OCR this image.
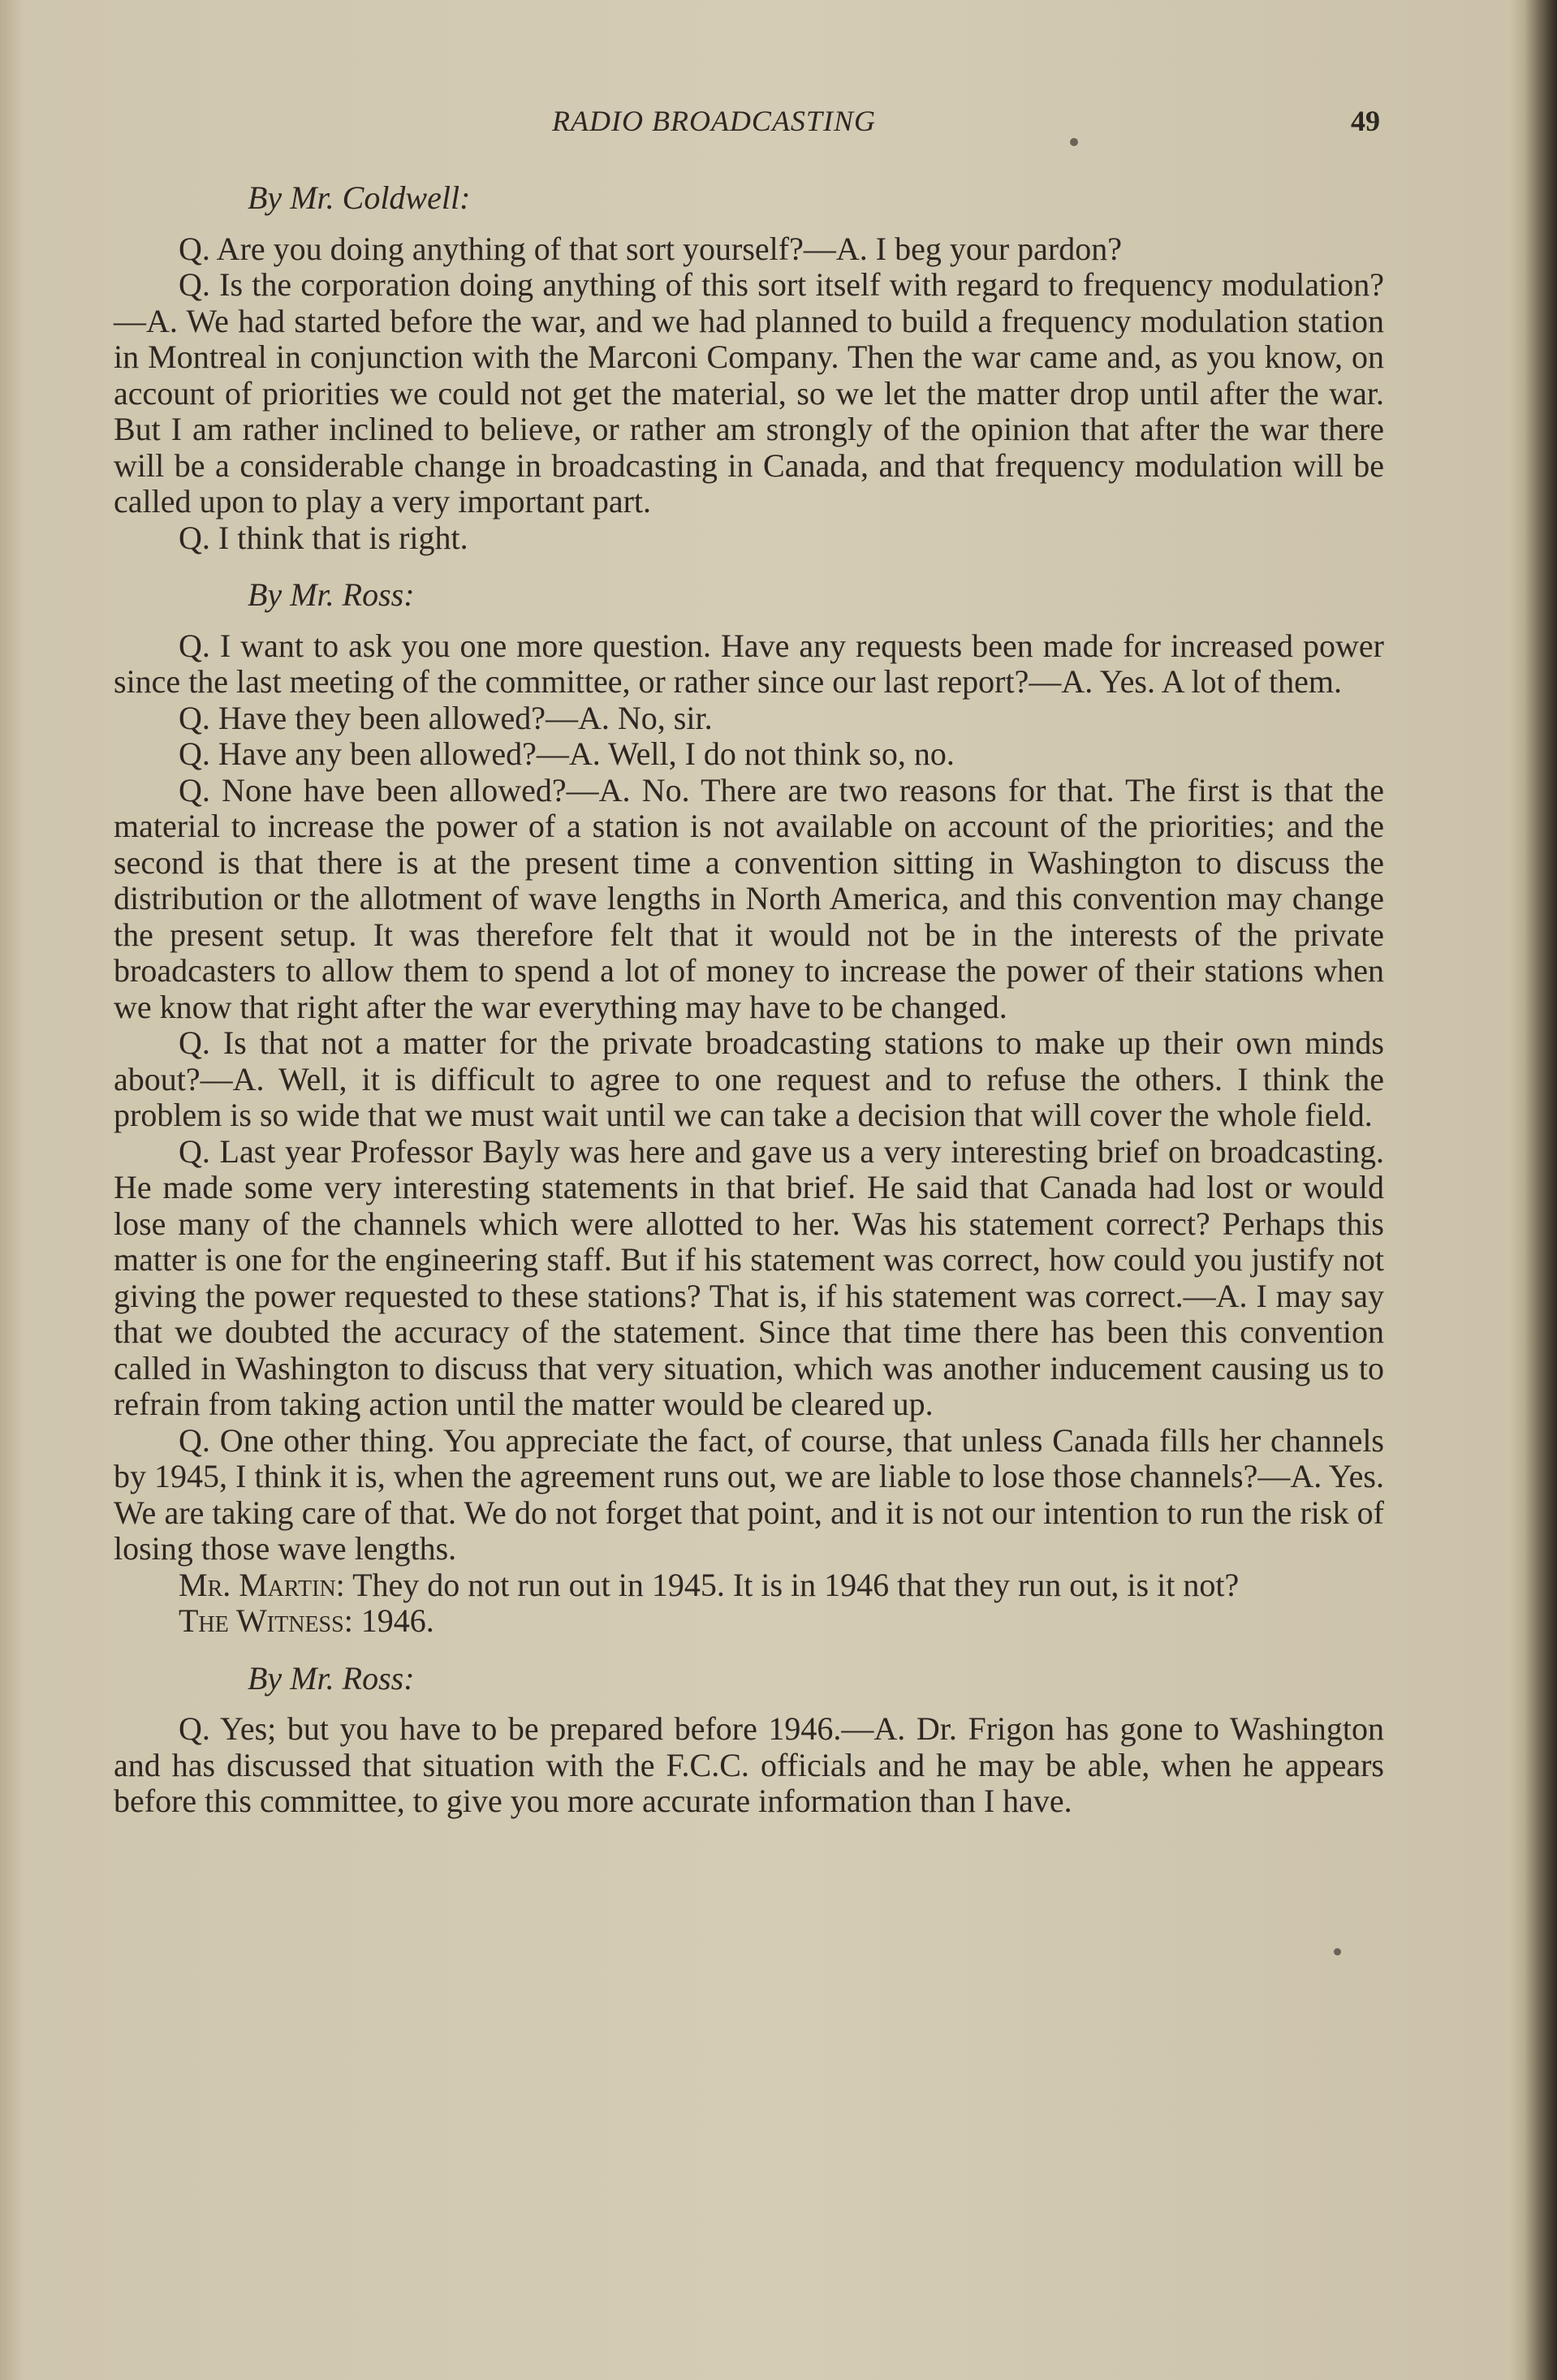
RADIO BROADCASTING	49
By Mr. Coldwell:

Q. Are you doing anything of that sort yourself?—A. I beg your pardon?

Q. Is the corporation doing anything of this sort itself with regard to frequency modulation?—A. We had started before the war, and we had planned to build a frequency modulation station in Montreal in conjunction with the Marconi Company. Then the war came and, as you know, on account of priorities we could not get the material, so we let the matter drop until after the war. But I am rather inclined to believe, or rather am strongly of the opinion that after the war there will be a considerable change in broadcasting in Canada, and that frequency modulation will be called upon to play a very important part.

Q. I think that is right.

By Mr. Ross:

Q. I want to ask you one more question. Have any requests been made for increased power since the last meeting of the committee, or rather since our last report?—A. Yes. A lot of them.

Q. Have they been allowed?—A. No, sir.

Q. Have any been allowed?—A. Well, I do not think so, no.

Q. None have been allowed?—A. No. There are two reasons for that. The first is that the material to increase the power of a station is not available on account of the priorities; and the second is that there is at the present time a convention sitting in Washington to discuss the distribution or the allotment of wave lengths in North America, and this convention may change the present setup. It was therefore felt that it would not be in the interests of the private broadcasters to allow them to spend a lot of money to increase the power of their stations when we know that right after the war everything may have to be changed.

Q. Is that not a matter for the private broadcasting stations to make up their own minds about?—A. Well, it is difficult to agree to one request and to refuse the others. I think the problem is so wide that we must wait until we can take a decision that will cover the whole field.

Q. Last year Professor Bayly was here and gave us a very interesting brief on broadcasting. He made some very interesting statements in that brief. He said that Canada had lost or would lose many of the channels which were allotted to her. Was his statement correct? Perhaps this matter is one for the engineering staff. But if his statement was correct, how could you justify not giving the power requested to these stations? That is, if his statement was correct.—A. I may say that we doubted the accuracy of the statement. Since that time there has been this convention called in Washington to discuss that very situation, which was another inducement causing us to refrain from taking action until the matter would be cleared up.

Q. One other thing. You appreciate the fact, of course, that unless Canada fills her channels by 1945, I think it is, when the agreement runs out, we are liable to lose those channels?—A. Yes. We are taking care of that. We do not forget that point, and it is not our intention to run the risk of losing those wave lengths.

Mr. Martin: They do not run out in 1945. It is in 1946 that they run out, is it not?

The Witness: 1946.

By Mr. Ross:

Q. Yes; but you have to be prepared before 1946.—A. Dr. Frigon has gone to Washington and has discussed that situation with the F.C.C. officials and he may be able, when he appears before this committee, to give you more accurate information than I have.
